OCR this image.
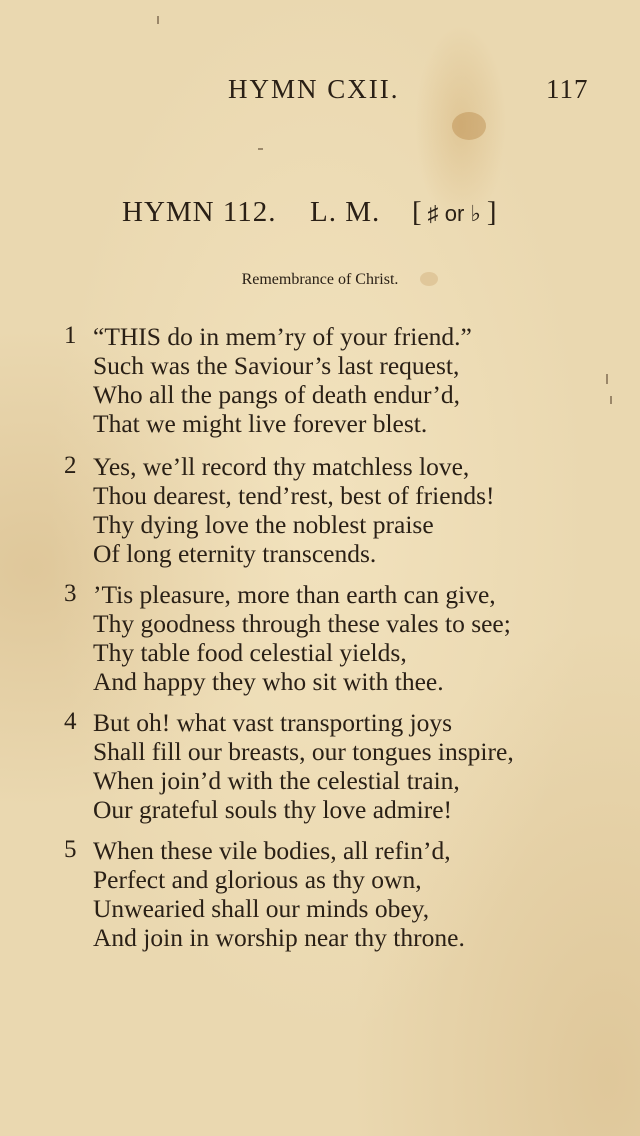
HYMN CXII.	117
HYMN 112. L. M. [ ♯ or ♭ ]
Remembrance of Christ.
1 “THIS do in mem’ry of your friend.”
Such was the Saviour’s last request,
Who all the pangs of death endur’d,
That we might live forever blest.
2 Yes, we’ll record thy matchless love,
Thou dearest, tend’rest, best of friends!
Thy dying love the noblest praise
Of long eternity transcends.
3 ’Tis pleasure, more than earth can give,
Thy goodness through these vales to see;
Thy table food celestial yields,
And happy they who sit with thee.
4 But oh! what vast transporting joys
Shall fill our breasts, our tongues inspire,
When join’d with the celestial train,
Our grateful souls thy love admire!
5 When these vile bodies, all refin’d,
Perfect and glorious as thy own,
Unwearied shall our minds obey,
And join in worship near thy throne.
